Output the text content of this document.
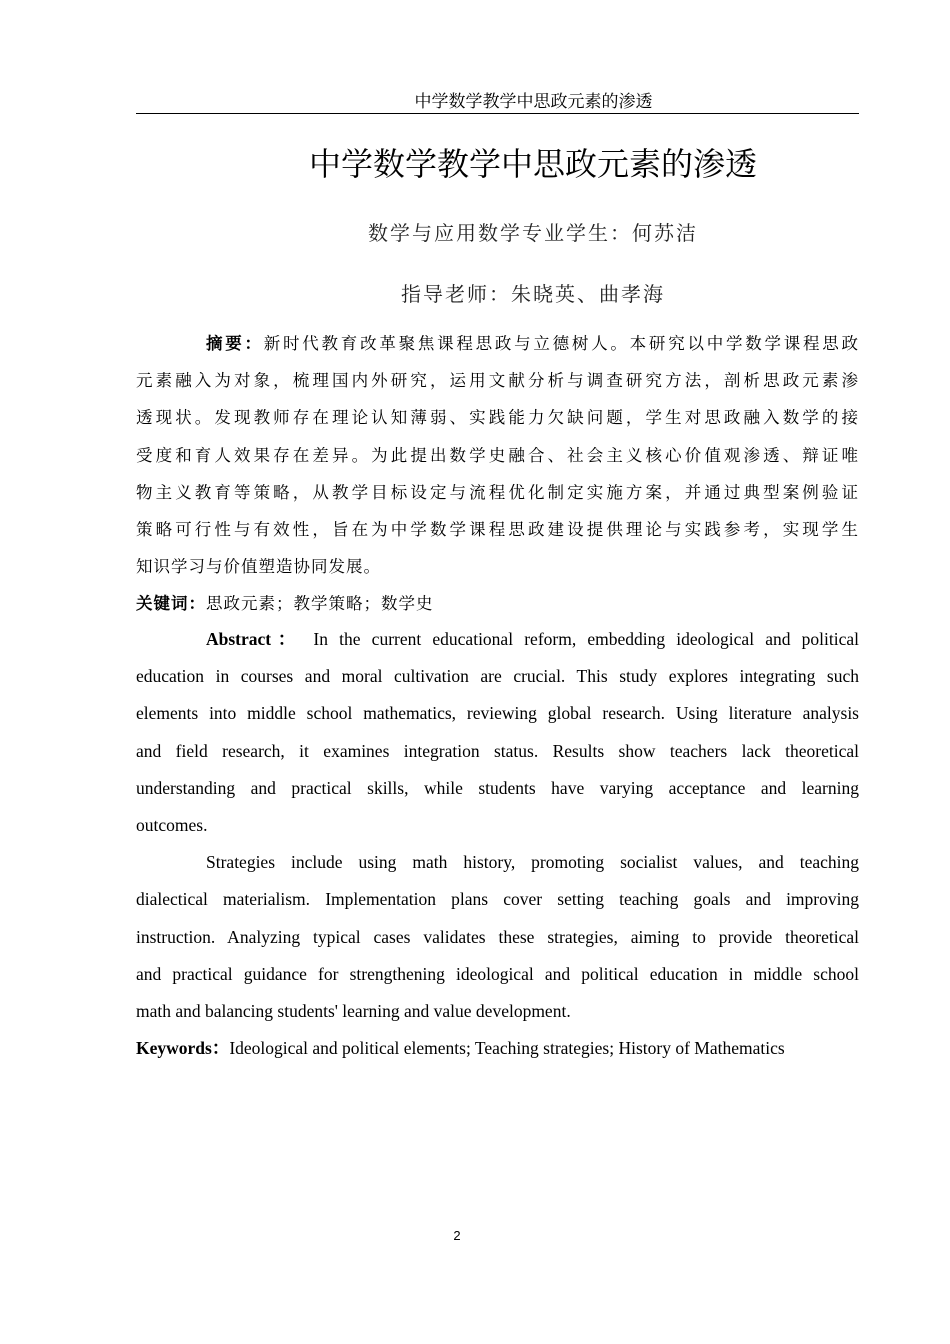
中学数学教学中思政元素的渗透
中学数学教学中思政元素的渗透
数学与应用数学专业学生：何苏洁
指导老师：朱晓英、曲孝海
摘要：新时代教育改革聚焦课程思政与立德树人。本研究以中学数学课程思政
元素融入为对象，梳理国内外研究，运用文献分析与调查研究方法，剖析思政元素渗
透现状。发现教师存在理论认知薄弱、实践能力欠缺问题，学生对思政融入数学的接
受度和育人效果存在差异。为此提出数学史融合、社会主义核心价值观渗透、辩证唯
物主义教育等策略，从教学目标设定与流程优化制定实施方案，并通过典型案例验证
策略可行性与有效性，旨在为中学数学课程思政建设提供理论与实践参考，实现学生
知识学习与价值塑造协同发展。
关键词：思政元素；教学策略；数学史
Abstract： In the current educational reform, embedding ideological and political
education in courses and moral cultivation are crucial. This study explores integrating such
elements into middle school mathematics, reviewing global research. Using literature analysis
and field research, it examines integration status. Results show teachers lack theoretical
understanding and practical skills, while students have varying acceptance and learning
outcomes.
Strategies include using math history, promoting socialist values, and teaching
dialectical materialism. Implementation plans cover setting teaching goals and improving
instruction. Analyzing typical cases validates these strategies, aiming to provide theoretical
and practical guidance for strengthening ideological and political education in middle school
math and balancing students' learning and value development.
Keywords：Ideological and political elements; Teaching strategies; History of Mathematics
2
